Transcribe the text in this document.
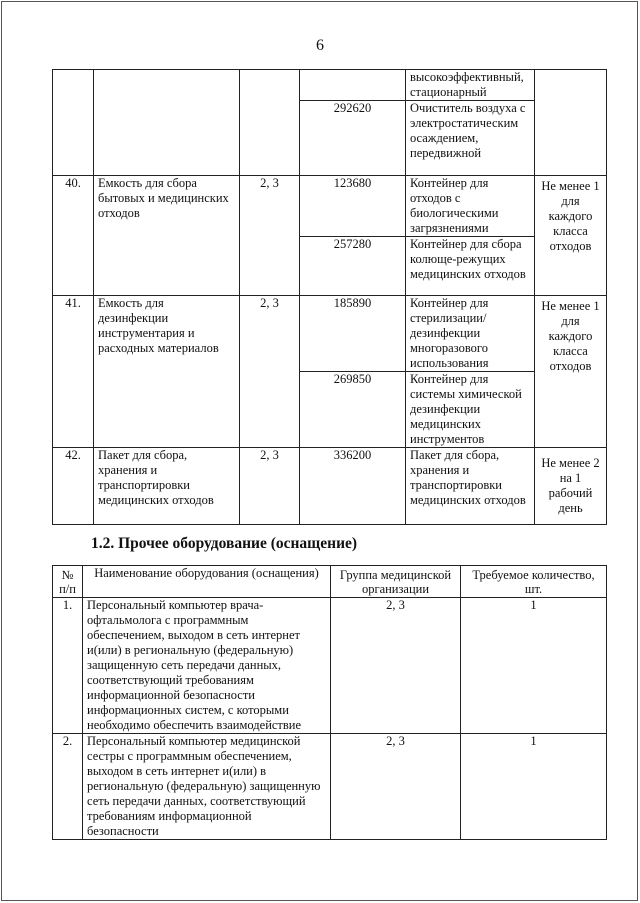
6
				высокоэффективный, стационарный	
			292620	Очиститель воздуха с электростатическим осаждением, передвижной	
40.	Емкость для сбора бытовых и медицинских отходов	2, 3	123680	Контейнер для отходов с биологическими загрязнениями	Не менее 1 для каждого класса отходов
			257280	Контейнер для сбора колюще-режущих медицинских отходов	
41.	Емкость для дезинфекции инструментария и расходных материалов	2, 3	185890	Контейнер для стерилизации/ дезинфекции многоразового использования	Не менее 1 для каждого класса отходов
			269850	Контейнер для системы химической дезинфекции медицинских инструментов	
42.	Пакет для сбора, хранения и транспортировки медицинских отходов	2, 3	336200	Пакет для сбора, хранения и транспортировки медицинских отходов	Не менее 2 на 1 рабочий день
1.2. Прочее оборудование (оснащение)
№ п/п	Наименование оборудования (оснащения)	Группа медицинской организации	Требуемое количество, шт.
1.	Персональный компьютер врача-офтальмолога с программным обеспечением, выходом в сеть интернет и(или) в региональную (федеральную) защищенную сеть передачи данных, соответствующий требованиям информационной безопасности информационных систем, с которыми необходимо обеспечить взаимодействие	2, 3	1
2.	Персональный компьютер медицинской сестры с программным обеспечением, выходом в сеть интернет и(или) в региональную (федеральную) защищенную сеть передачи данных, соответствующий требованиям информационной безопасности	2, 3	1
